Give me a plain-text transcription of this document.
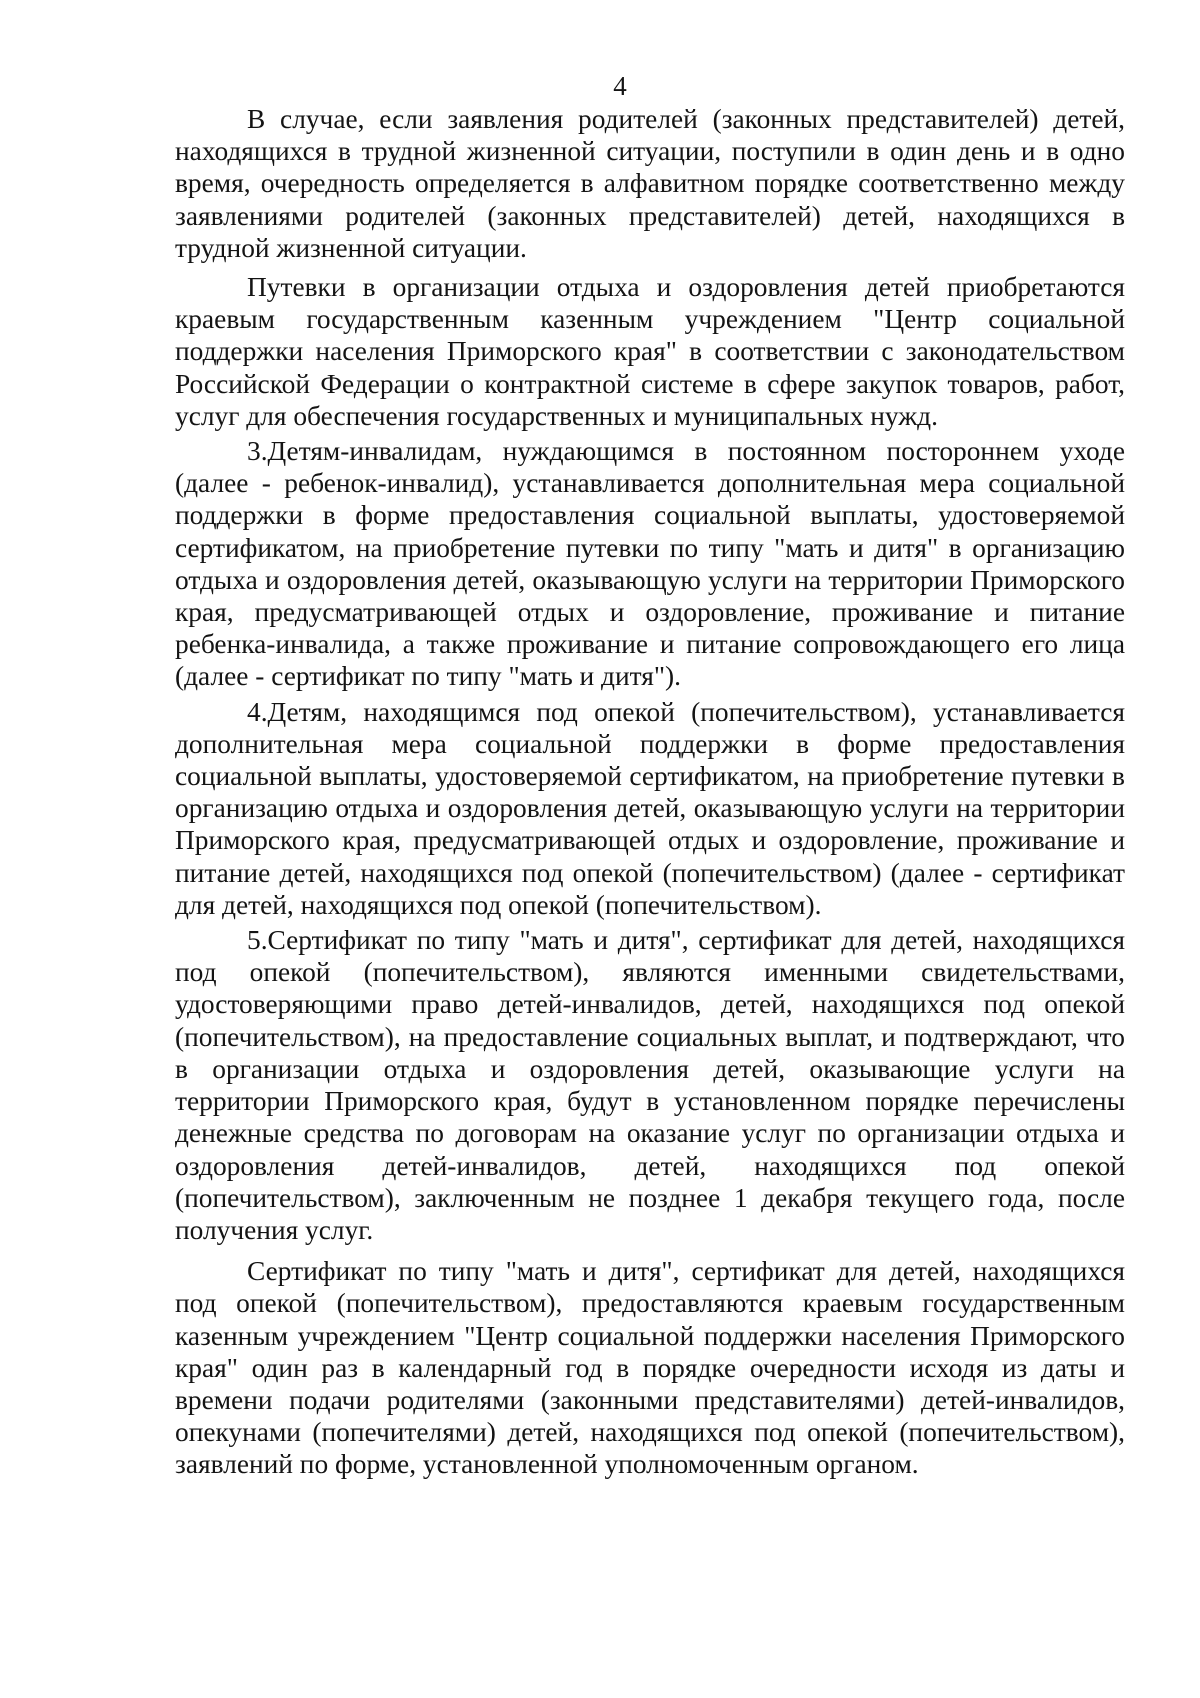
4

В случае, если заявления родителей (законных представителей) детей, находящихся в трудной жизненной ситуации, поступили в один день и в одно время, очередность определяется в алфавитном порядке соответственно между заявлениями родителей (законных представителей) детей, находящихся в трудной жизненной ситуации.

Путевки в организации отдыха и оздоровления детей приобретаются краевым государственным казенным учреждением "Центр социальной поддержки населения Приморского края" в соответствии с законодательством Российской Федерации о контрактной системе в сфере закупок товаров, работ, услуг для обеспечения государственных и муниципальных нужд.

3.Детям-инвалидам, нуждающимся в постоянном постороннем уходе (далее - ребенок-инвалид), устанавливается дополнительная мера социальной поддержки в форме предоставления социальной выплаты, удостоверяемой сертификатом, на приобретение путевки по типу "мать и дитя" в организацию отдыха и оздоровления детей, оказывающую услуги на территории Приморского края, предусматривающей отдых и оздоровление, проживание и питание ребенка-инвалида, а также проживание и питание сопровождающего его лица (далее - сертификат по типу "мать и дитя").

4.Детям, находящимся под опекой (попечительством), устанавливается дополнительная мера социальной поддержки в форме предоставления социальной выплаты, удостоверяемой сертификатом, на приобретение путевки в организацию отдыха и оздоровления детей, оказывающую услуги на территории Приморского края, предусматривающей отдых и оздоровление, проживание и питание детей, находящихся под опекой (попечительством) (далее - сертификат для детей, находящихся под опекой (попечительством).

5.Сертификат по типу "мать и дитя", сертификат для детей, находящихся под опекой (попечительством), являются именными свидетельствами, удостоверяющими право детей-инвалидов, детей, находящихся под опекой (попечительством), на предоставление социальных выплат, и подтверждают, что в организации отдыха и оздоровления детей, оказывающие услуги на территории Приморского края, будут в установленном порядке перечислены денежные средства по договорам на оказание услуг по организации отдыха и оздоровления детей-инвалидов, детей, находящихся под опекой (попечительством), заключенным не позднее 1 декабря текущего года, после получения услуг.

Сертификат по типу "мать и дитя", сертификат для детей, находящихся под опекой (попечительством), предоставляются краевым государственным казенным учреждением "Центр социальной поддержки населения Приморского края" один раз в календарный год в порядке очередности исходя из даты и времени подачи родителями (законными представителями) детей-инвалидов, опекунами (попечителями) детей, находящихся под опекой (попечительством), заявлений по форме, установленной уполномоченным органом.
